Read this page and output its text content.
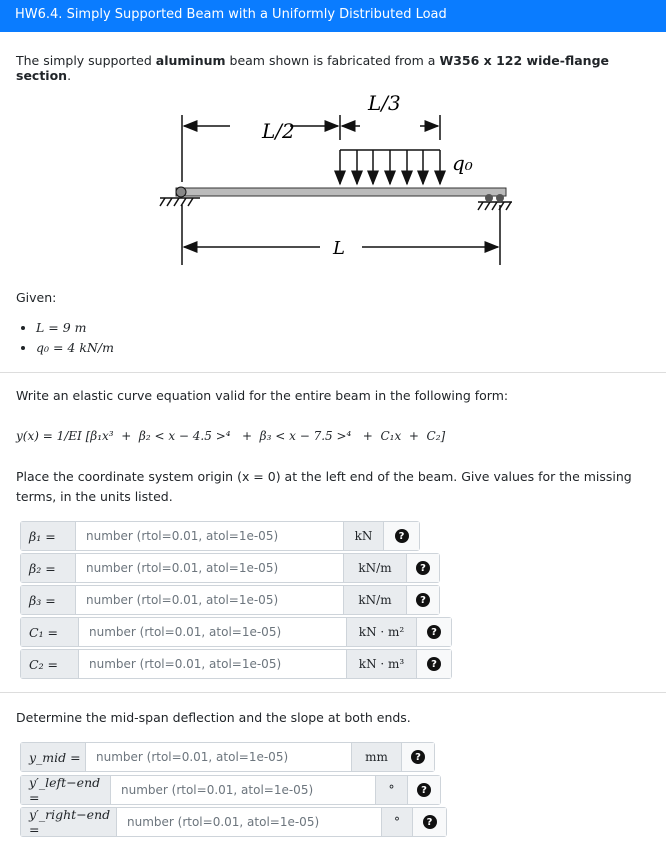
HW6.4. Simply Supported Beam with a Uniformly Distributed Load
The simply supported aluminum beam shown is fabricated from a W356 x 122 wide-flange section.
L/2
L/3
q₀
L
Given:
• L = 9 m
• q₀ = 4 kN/m
Write an elastic curve equation valid for the entire beam in the following form:
y(x) = 1/EI [β₁x³  +  β₂ < x − 4.5 >⁴   +  β₃ < x − 7.5 >⁴   +  C₁x  +  C₂]
Place the coordinate system origin (x = 0) at the left end of the beam. Give values for the missing terms, in the units listed.
β₁ =	number (rtol=0.01, atol=1e-05)	kN	?
β₂ =	number (rtol=0.01, atol=1e-05)	kN/m	?
β₃ =	number (rtol=0.01, atol=1e-05)	kN/m	?
C₁ =	number (rtol=0.01, atol=1e-05)	kN · m²	?
C₂ =	number (rtol=0.01, atol=1e-05)	kN · m³	?
y_mid =	number (rtol=0.01, atol=1e-05)	mm	?
y′_left−end =	number (rtol=0.01, atol=1e-05)	°	?
y′_right−end =	number (rtol=0.01, atol=1e-05)	°	?
Determine the mid-span deflection and the slope at both ends.
